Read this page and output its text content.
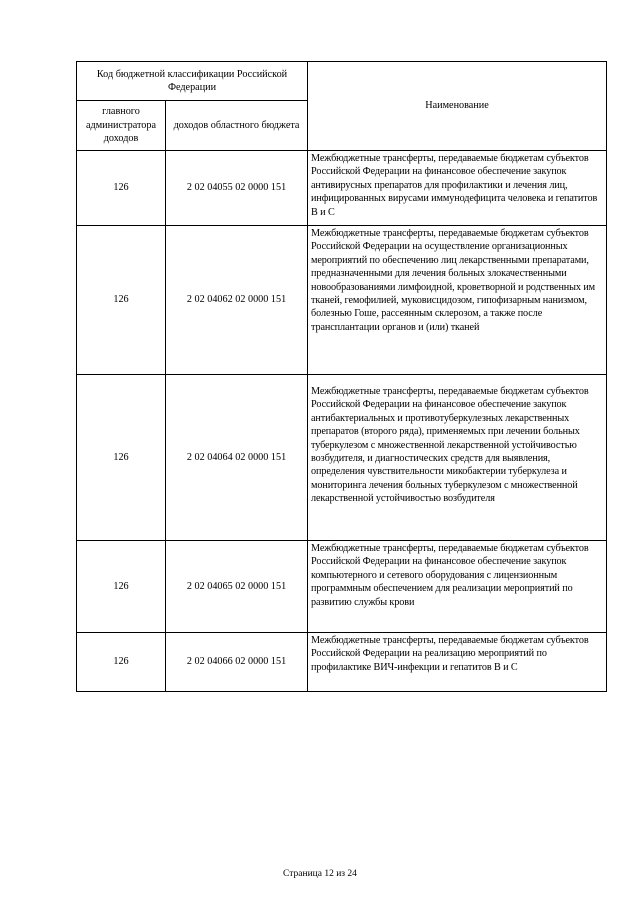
Код бюджетной классификации Российской Федерации		Наименование
главного администратора доходов	доходов областного бюджета	
126	2 02 04055 02 0000 151	Межбюджетные трансферты, передаваемые бюджетам субъектов Российской Федерации на финансовое обеспечение закупок антивирусных препаратов для профилактики и лечения лиц, инфицированных вирусами иммунодефицита человека и гепатитов В и С
126	2 02 04062 02 0000 151	Межбюджетные трансферты, передаваемые бюджетам субъектов Российской Федерации на осуществление организационных мероприятий по обеспечению лиц лекарственными препаратами, предназначенными для лечения больных злокачественными новообразованиями лимфоидной, кроветворной и родственных им тканей, гемофилией, муковисцидозом, гипофизарным нанизмом, болезнью Гоше, рассеянным склерозом, а также после трансплантации органов и (или) тканей
126	2 02 04064 02 0000 151	Межбюджетные трансферты, передаваемые бюджетам субъектов Российской Федерации на финансовое обеспечение закупок антибактериальных и противотуберкулезных лекарственных препаратов (второго ряда), применяемых при лечении больных туберкулезом с множественной лекарственной устойчивостью возбудителя, и диагностических средств для выявления, определения чувствительности микобактерии туберкулеза и мониторинга лечения больных туберкулезом с множественной лекарственной устойчивостью возбудителя
126	2 02 04065 02 0000 151	Межбюджетные трансферты, передаваемые бюджетам субъектов Российской Федерации на финансовое обеспечение закупок компьютерного и сетевого оборудования с лицензионным программным обеспечением для реализации мероприятий по развитию службы крови
126	2 02 04066 02 0000 151	Межбюджетные трансферты, передаваемые бюджетам субъектов Российской Федерации на реализацию мероприятий по профилактике ВИЧ-инфекции и гепатитов В и С
Страница 12 из 24
